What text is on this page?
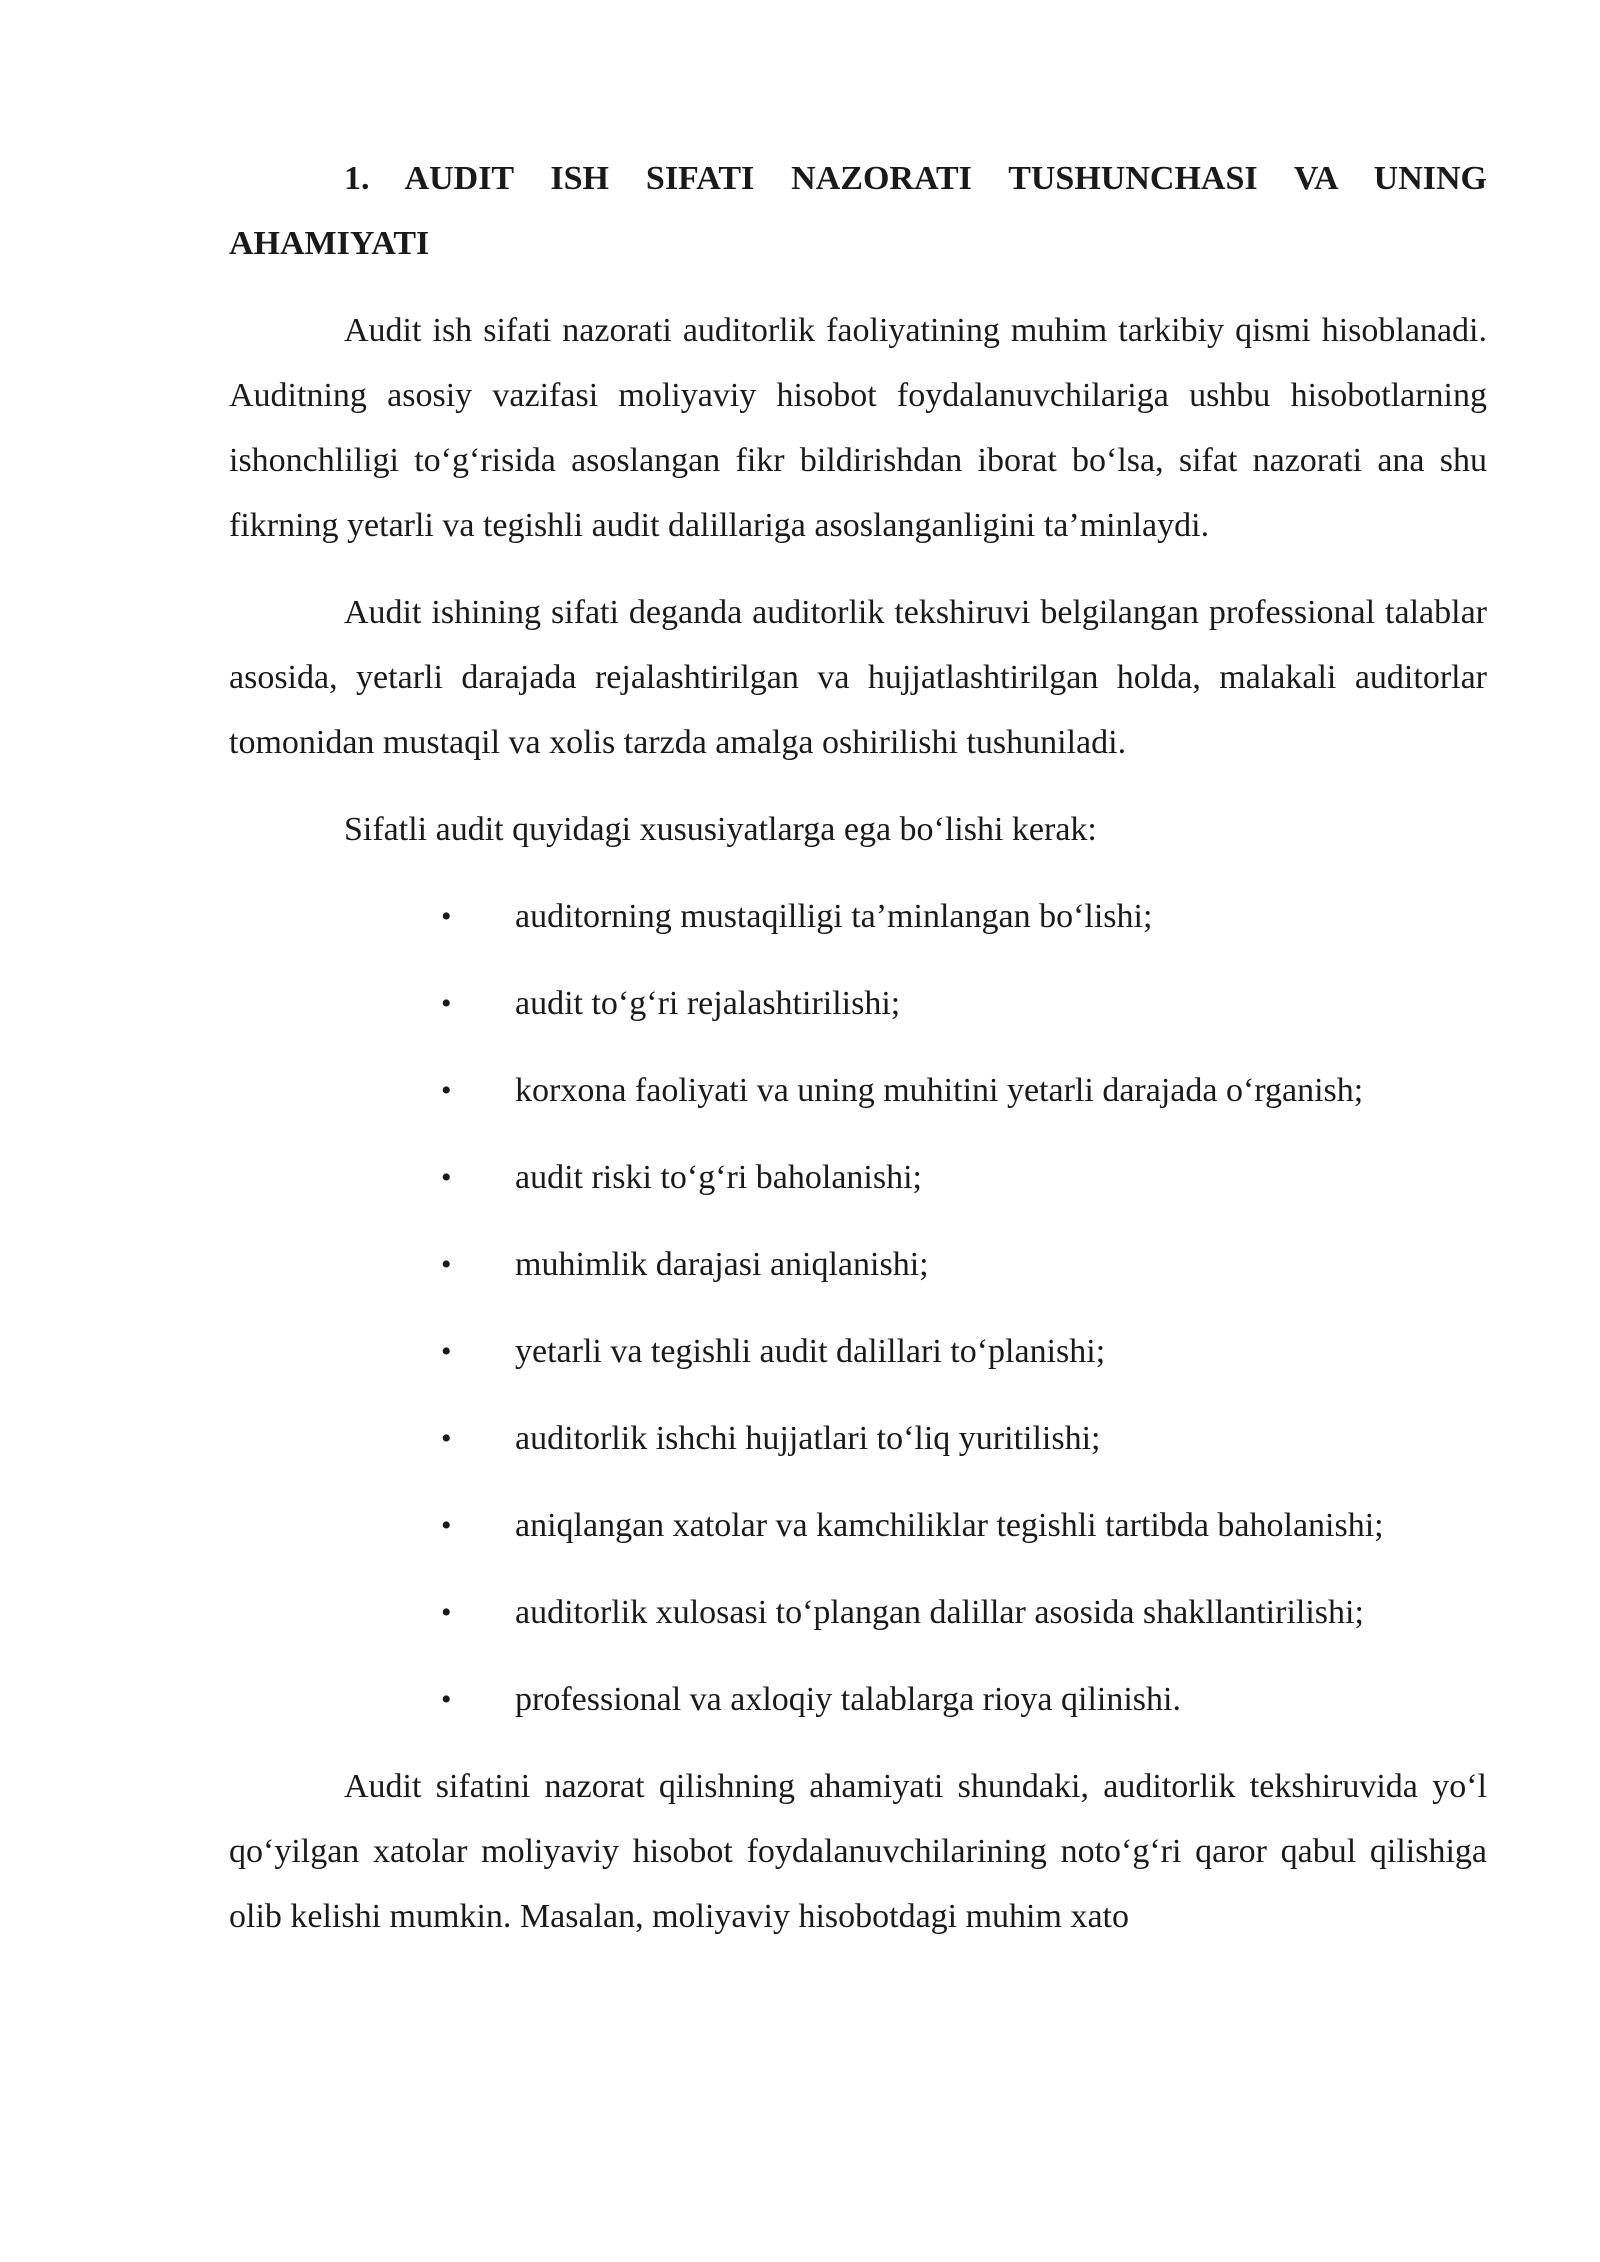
1. AUDIT ISH SIFATI NAZORATI TUSHUNCHASI VA UNING AHAMIYATI

Audit ish sifati nazorati auditorlik faoliyatining muhim tarkibiy qismi hisoblanadi. Auditning asosiy vazifasi moliyaviy hisobot foydalanuvchilariga ushbu hisobotlarning ishonchliligi to‘g‘risida asoslangan fikr bildirishdan iborat bo‘lsa, sifat nazorati ana shu fikrning yetarli va tegishli audit dalillariga asoslanganligini ta’minlaydi.

Audit ishining sifati deganda auditorlik tekshiruvi belgilangan professional talablar asosida, yetarli darajada rejalashtirilgan va hujjatlashtirilgan holda, malakali auditorlar tomonidan mustaqil va xolis tarzda amalga oshirilishi tushuniladi.

Sifatli audit quyidagi xususiyatlarga ega bo‘lishi kerak:

• auditorning mustaqilligi ta’minlangan bo‘lishi;
• audit to‘g‘ri rejalashtirilishi;
• korxona faoliyati va uning muhitini yetarli darajada o‘rganish;
• audit riski to‘g‘ri baholanishi;
• muhimlik darajasi aniqlanishi;
• yetarli va tegishli audit dalillari to‘planishi;
• auditorlik ishchi hujjatlari to‘liq yuritilishi;
• aniqlangan xatolar va kamchiliklar tegishli tartibda baholanishi;
• auditorlik xulosasi to‘plangan dalillar asosida shakllantirilishi;
• professional va axloqiy talablarga rioya qilinishi.

Audit sifatini nazorat qilishning ahamiyati shundaki, auditorlik tekshiruvida yo‘l qo‘yilgan xatolar moliyaviy hisobot foydalanuvchilarining noto‘g‘ri qaror qabul qilishiga olib kelishi mumkin. Masalan, moliyaviy hisobotdagi muhim xato
